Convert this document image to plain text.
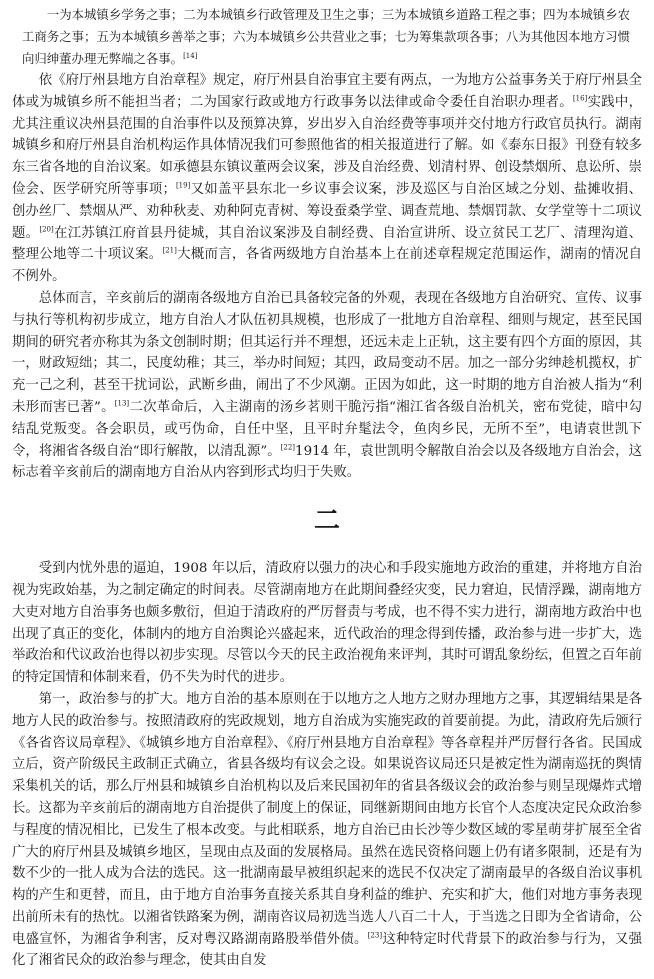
一为本城镇乡学务之事；二为本城镇乡行政管理及卫生之事；三为本城镇乡道路工程之事；四为本城镇乡农工商务之事；五为本城镇乡善举之事；六为本城镇乡公共营业之事；七为筹集款项各事；八为其他因本地方习惯向归绅董办理无弊端之各事。[14]

依《府厅州县地方自治章程》规定，府厅州县自治事宜主要有两点，一为地方公益事务关于府厅州县全体或为城镇乡所不能担当者；二为国家行政或地方行政事务以法律或命令委任自治职办理者。[16]实践中，尤其注重议决州县范围的自治事件以及预算决算，岁出岁入自治经费等事项并交付地方行政官员执行。湖南城镇乡和府厅州县自治机构运作具体情况我们可参照他省的相关报道进行了解。如《泰东日报》刊登有较多东三省各地的自治议案。如承德县东镇议董两会议案，涉及自治经费、划清村界、创设禁烟所、息讼所、崇俭会、医学研究所等事项；[19]又如盖平县东北一乡议事会议案，涉及巡区与自治区域之分划、盐摊收捐、创办丝厂、禁烟从严、劝种秋麦、劝种阿克青树、筹设蚕桑学堂、调查荒地、禁烟罚款、女学堂等十二项议题。[20]在江苏镇江府首县丹徒城，其自治议案涉及自制经费、自治宣讲所、设立贫民工艺厂、清理沟道、整理公地等二十项议案。[21]大概而言，各省两级地方自治基本上在前述章程规定范围运作，湖南的情况自不例外。

总体而言，辛亥前后的湖南各级地方自治已具备较完备的外观，表现在各级地方自治研究、宣传、议事与执行等机构初步成立，地方自治人才队伍初具规模，也形成了一批地方自治章程、细则与规定，甚至民国期间的研究者亦称其为条文创制时期；但其运行并不理想，还远未走上正轨，这主要有四个方面的原因，其一，财政短绌；其二，民度幼稚；其三，举办时间短；其四，政局变动不居。加之一部分劣绅趁机揽权，扩充一己之利，甚至干扰词讼，武断乡曲，闹出了不少风潮。正因为如此，这一时期的地方自治被人指为“利未形而害已著”。[13]二次革命后，入主湖南的汤乡茗则干脆污指“湘江省各级自治机关，密布党徒，暗中勾结乱党叛变。各会职员，或丐伪命，自任中坚，且平时弁髦法令，鱼肉乡民，无所不至”，电请袁世凯下令，将湘省各级自治“即行解散，以清乱源”。[22]1914 年，袁世凯明令解散自治会以及各级地方自治会，这标志着辛亥前后的湖南地方自治从内容到形式均归于失败。

二

受到内忧外患的逼迫，1908 年以后，清政府以强力的决心和手段实施地方政治的重建，并将地方自治视为宪政始基，为之制定确定的时间表。尽管湖南地方在此期间叠经灾变，民力窘迫，民情浮躁，湖南地方大吏对地方自治事务也颇多敷衍，但迫于清政府的严厉督责与考成，也不得不实力进行，湖南地方政治中也出现了真正的变化，体制内的地方自治舆论兴盛起来，近代政治的理念得到传播，政治参与进一步扩大，选举政治和代议政治也得以初步实现。尽管以今天的民主政治视角来评判，其时可谓乱象纷纭，但置之百年前的特定国情和体制来看，仍不失为时代的进步。

第一，政治参与的扩大。地方自治的基本原则在于以地方之人地方之财办理地方之事，其逻辑结果是各地方人民的政治参与。按照清政府的宪政规划，地方自治成为实施宪政的首要前提。为此，清政府先后颁行《各省咨议局章程》、《城镇乡地方自治章程》、《府厅州县地方自治章程》等各章程并严厉督行各省。民国成立后，资产阶级民主政制正式确立，省县各级均有议会之设。如果说咨议局还只是被定性为湖南巡抚的舆情采集机关的话，那么厅州县和城镇乡自治机构以及后来民国初年的省县各级议会的政治参与则呈现爆炸式增长。这都为辛亥前后的湖南地方自治提供了制度上的保证，同继新期间由地方长官个人态度决定民众政治参与程度的情况相比，已发生了根本改变。与此相联系，地方自治已由长沙等少数区域的零星萌芽扩展至全省广大的府厅州县及城镇乡地区，呈现由点及面的发展格局。虽然在选民资格问题上仍有诸多限制，还是有为数不少的一批人成为合法的选民。这一批湖南最早被组织起来的选民不仅决定了湖南最早的各级自治议事机构的产生和更替，而且，由于地方自治事务直接关系其自身利益的维护、充实和扩大，他们对地方事务表现出前所未有的热忱。以湘省铁路案为例，湖南咨议局初选当选人八百二十人，于当选之日即为全省请命，公电盛宣怀，为湘省争利害，反对粤汉路湖南路股举借外债。[23]这种特定时代背景下的政治参与行为，又强化了湘省民众的政治参与理念，使其由自发
